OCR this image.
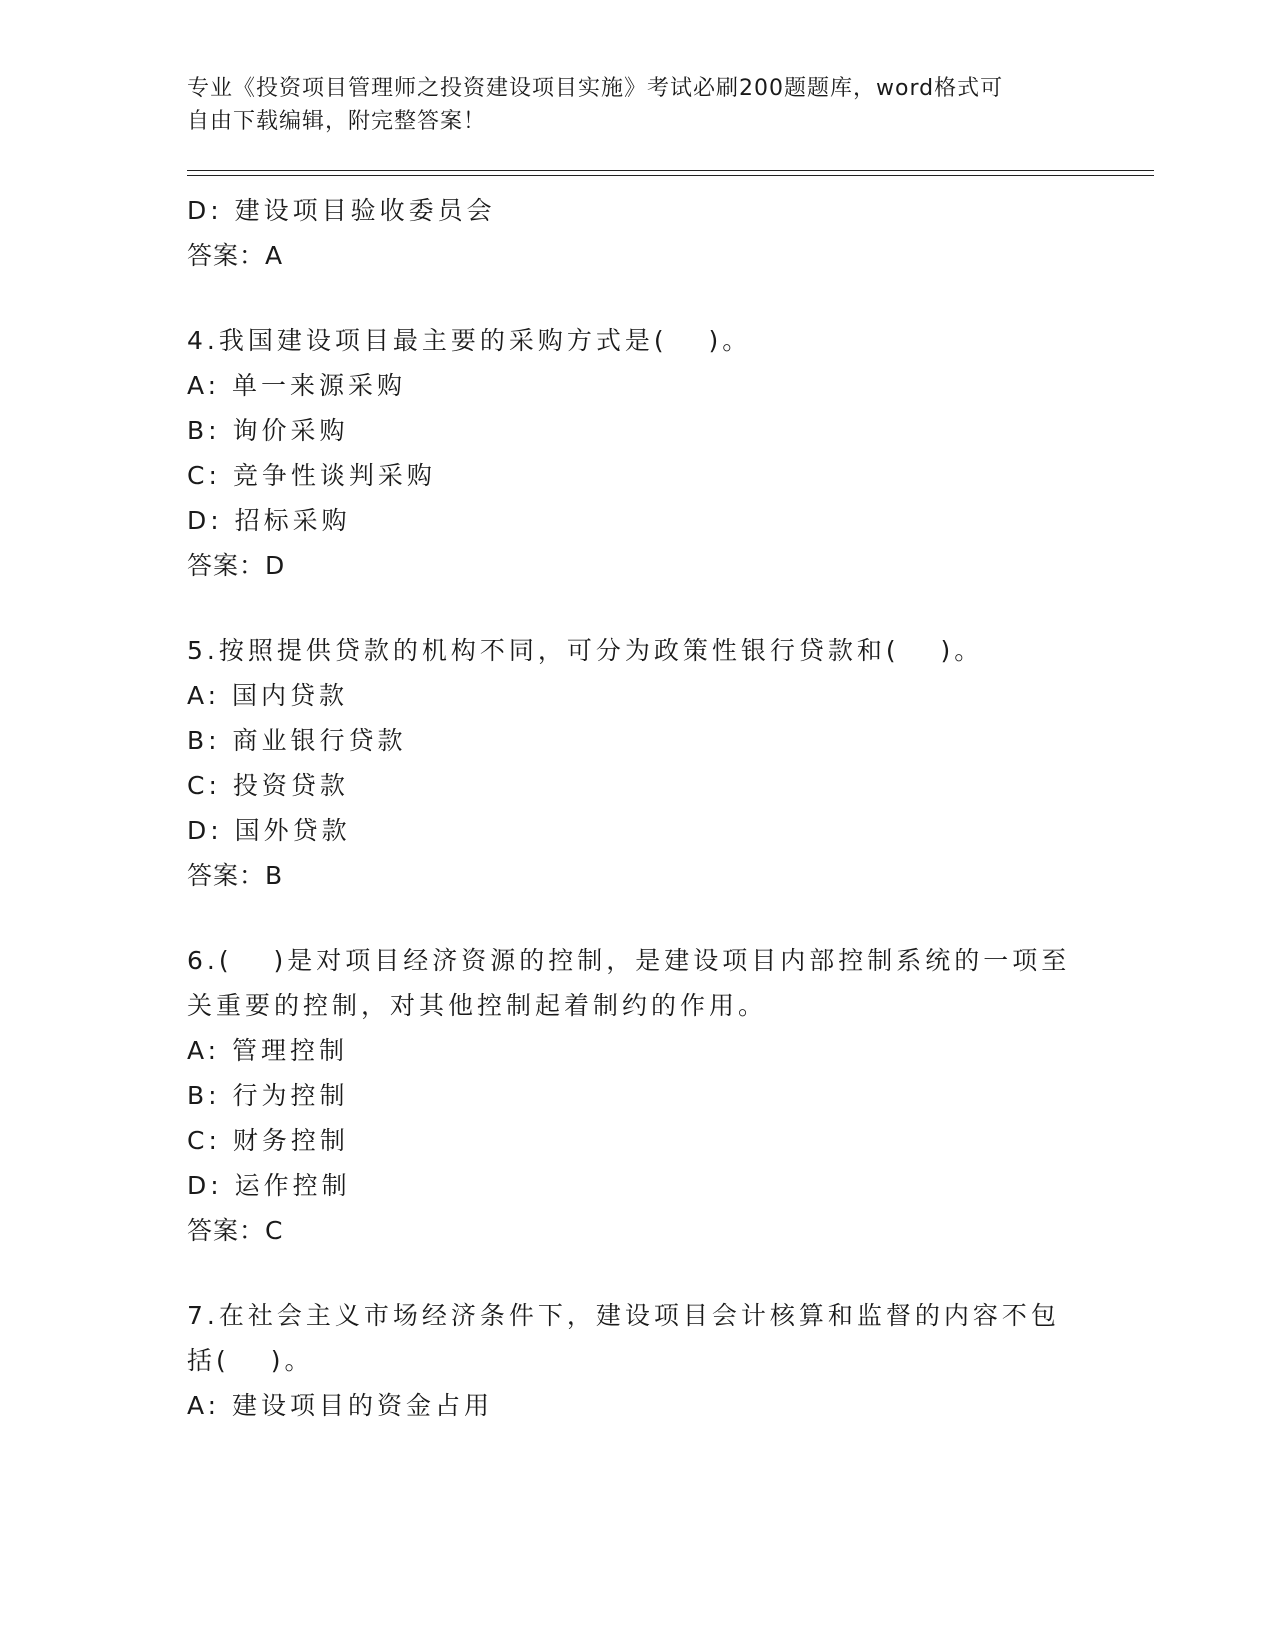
专业《投资项目管理师之投资建设项目实施》考试必刷200题题库，word格式可
自由下载编辑，附完整答案！
D: 建设项目验收委员会
答案：A
4.我国建设项目最主要的采购方式是(　 )。
A: 单一来源采购
B: 询价采购
C: 竞争性谈判采购
D: 招标采购
答案：D
5.按照提供贷款的机构不同，可分为政策性银行贷款和(　 )。
A: 国内贷款
B: 商业银行贷款
C: 投资贷款
D: 国外贷款
答案：B
6.(　 )是对项目经济资源的控制，是建设项目内部控制系统的一项至
关重要的控制，对其他控制起着制约的作用。
A: 管理控制
B: 行为控制
C: 财务控制
D: 运作控制
答案：C
7.在社会主义市场经济条件下，建设项目会计核算和监督的内容不包
括(　 )。
A: 建设项目的资金占用
